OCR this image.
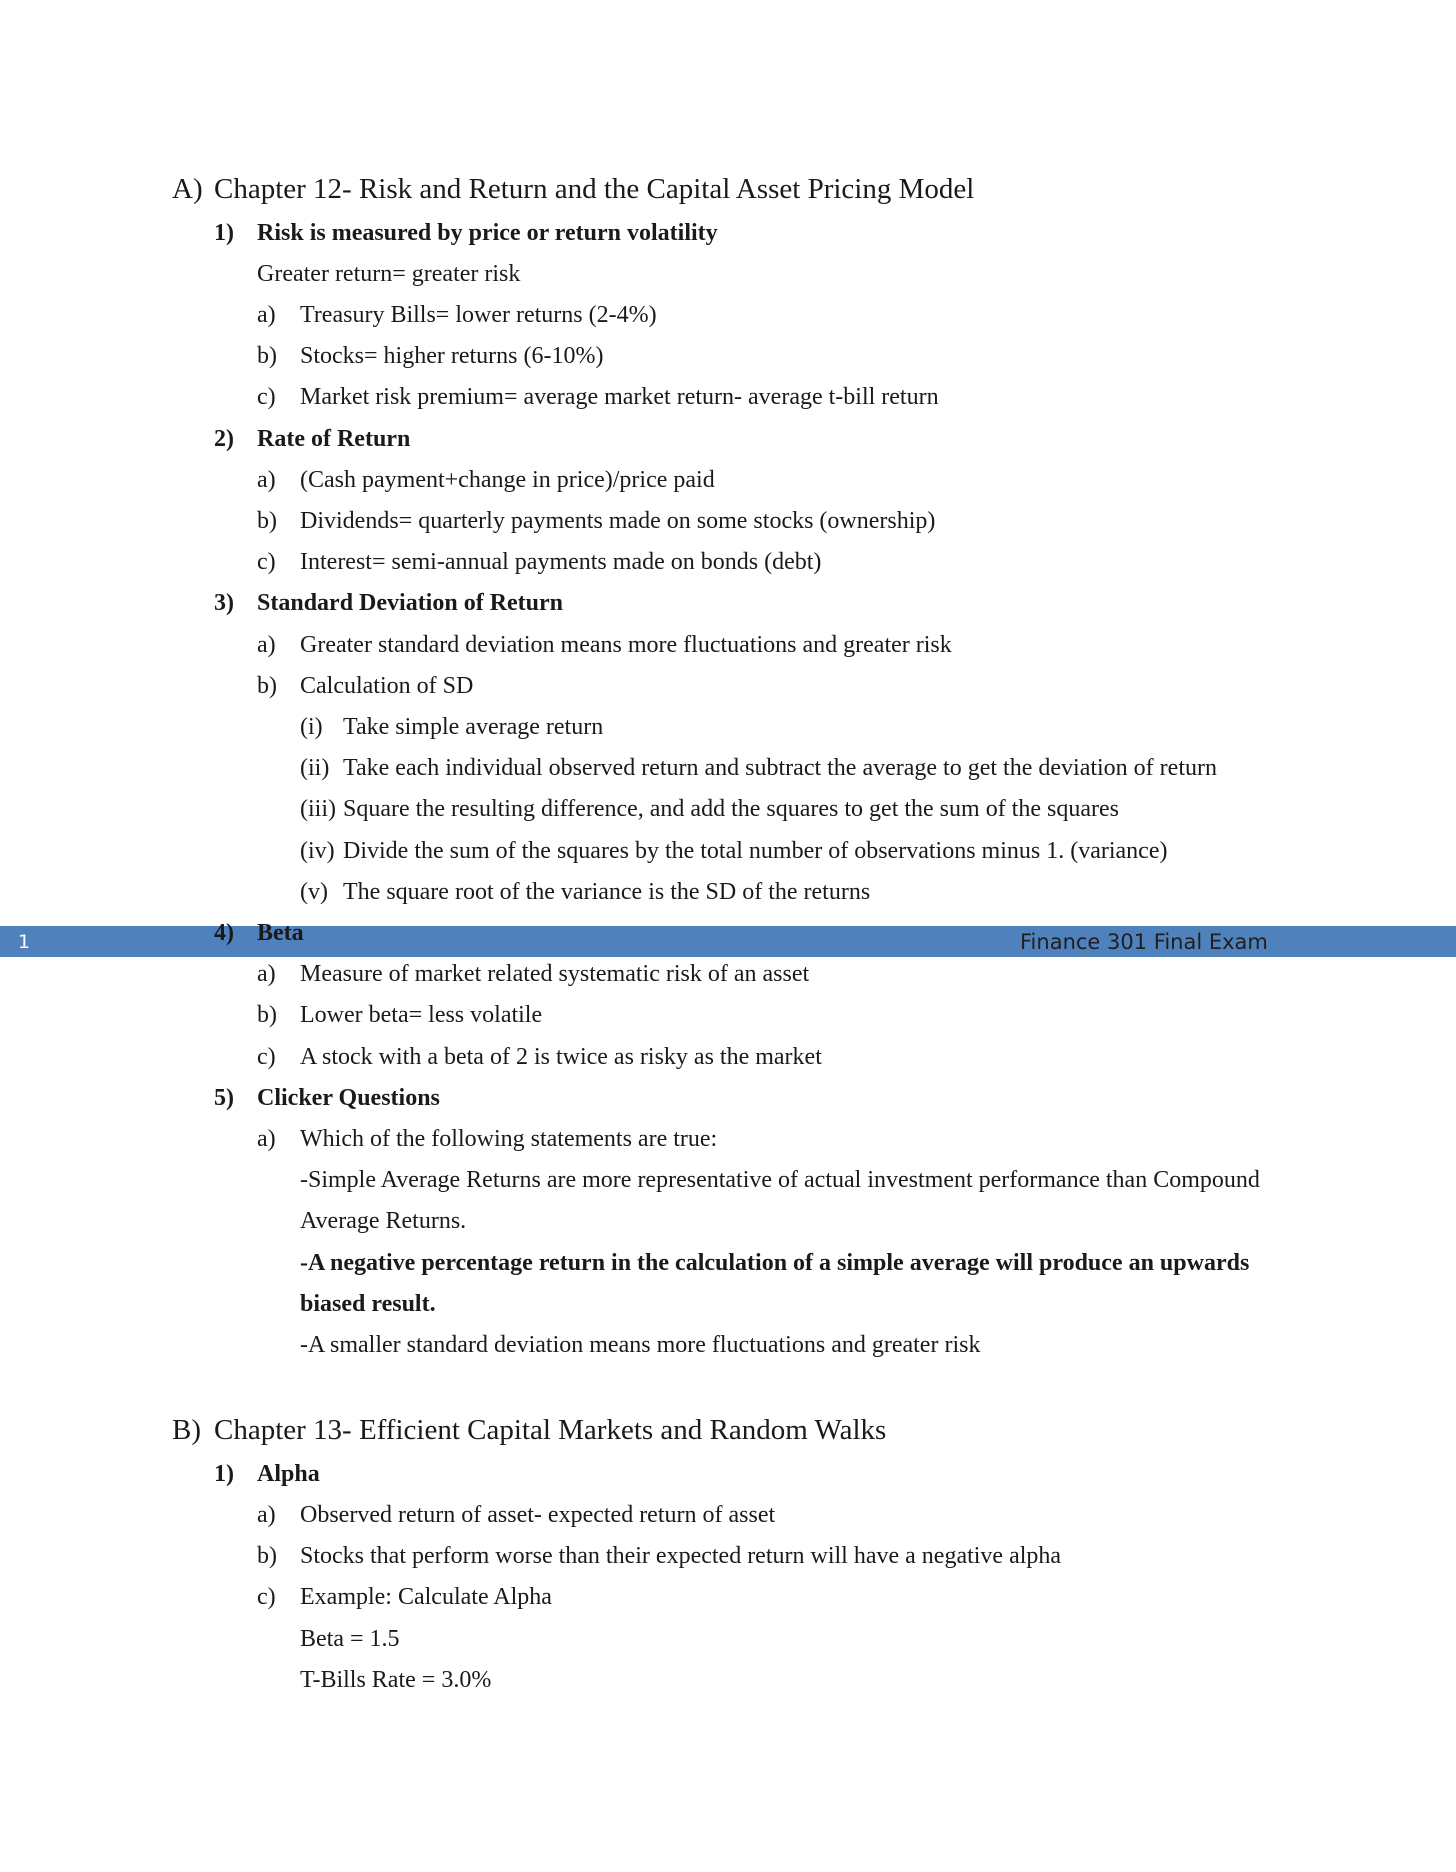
A) Chapter 12- Risk and Return and the Capital Asset Pricing Model
1) Risk is measured by price or return volatility
Greater return= greater risk
a) Treasury Bills= lower returns (2-4%)
b) Stocks= higher returns (6-10%)
c) Market risk premium= average market return- average t-bill return
2) Rate of Return
a) (Cash payment+change in price)/price paid
b) Dividends= quarterly payments made on some stocks (ownership)
c) Interest= semi-annual payments made on bonds (debt)
3) Standard Deviation of Return
a) Greater standard deviation means more fluctuations and greater risk
b) Calculation of SD
(i) Take simple average return
(ii) Take each individual observed return and subtract the average to get the deviation of return
(iii) Square the resulting difference, and add the squares to get the sum of the squares
(iv) Divide the sum of the squares by the total number of observations minus 1. (variance)
(v) The square root of the variance is the SD of the returns
1	Finance 301 Final Exam
4) Beta
a) Measure of market related systematic risk of an asset
b) Lower beta= less volatile
c) A stock with a beta of 2 is twice as risky as the market
5) Clicker Questions
a) Which of the following statements are true:
-Simple Average Returns are more representative of actual investment performance than Compound
Average Returns.
-A negative percentage return in the calculation of a simple average will produce an upwards
biased result.
-A smaller standard deviation means more fluctuations and greater risk
B) Chapter 13- Efficient Capital Markets and Random Walks
1) Alpha
a) Observed return of asset- expected return of asset
b) Stocks that perform worse than their expected return will have a negative alpha
c) Example: Calculate Alpha
Beta = 1.5
T-Bills Rate = 3.0%
